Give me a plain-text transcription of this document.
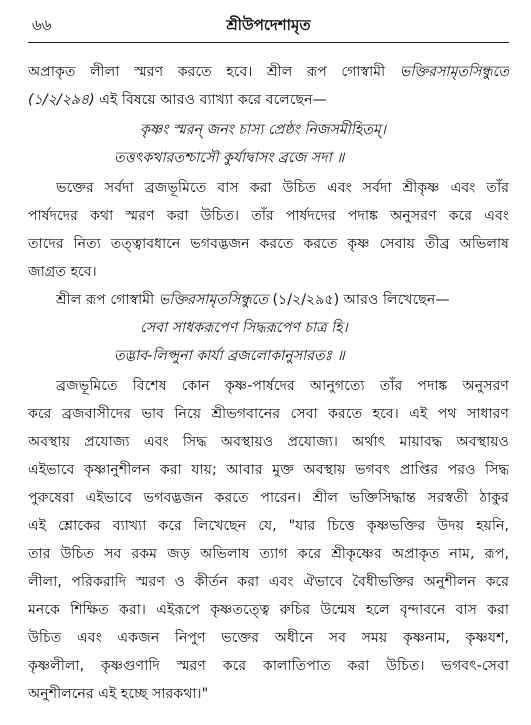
৬৬	শ্রীউপদেশামৃত
অপ্রাকৃত লীলা স্মরণ করতে হবে। শ্রীল রূপ গোস্বামী ভক্তিরসামৃতসিন্ধুতে
(১/২/২৯৪) এই বিষয়ে আরও ব্যাখ্যা করে বলেছেন—
কৃষ্ণং স্মরন্ জনং চাস্য প্রেষ্ঠং নিজসমীহিতম্।
তত্তৎকথারতশ্চাসৌ কুর্যাদ্বাসং ব্রজে সদা ॥
ভক্তের সর্বদা ব্রজভূমিতে বাস করা উচিত এবং সর্বদা শ্রীকৃষ্ণ এবং তাঁর
পার্ষদদের কথা স্মরণ করা উচিত। তাঁর পার্ষদদের পদাঙ্ক অনুসরণ করে এবং
তাদের নিত্য তত্ত্বাবধানে ভগবদ্ভজন করতে করতে কৃষ্ণ সেবায় তীব্র অভিলাষ
জাগ্রত হবে।
শ্রীল রূপ গোস্বামী ভক্তিরসামৃতসিন্ধুতে (১/২/২৯৫) আরও লিখেছেন—
সেবা সাধকরূপেণ সিদ্ধরূপেণ চাত্র হি।
তদ্ভাব-লিপ্সুনা কার্যা ব্রজলোকানুসারতঃ ॥
ব্রজভূমিতে বিশেষ কোন কৃষ্ণ-পার্ষদের আনুগত্যে তাঁর পদাঙ্ক অনুসরণ
করে ব্রজবাসীদের ভাব নিয়ে শ্রীভগবানের সেবা করতে হবে। এই পথ সাধারণ
অবস্থায় প্রযোজ্য এবং সিদ্ধ অবস্থায়ও প্রযোজ্য। অর্থাৎ মায়াবদ্ধ অবস্থায়ও
এইভাবে কৃষ্ণানুশীলন করা যায়; আবার মুক্ত অবস্থায় ভগবৎ প্রাপ্তির পরও সিদ্ধ
পুরুষেরা এইভাবে ভগবদ্ভজন করতে পারেন। শ্রীল ভক্তিসিদ্ধান্ত সরস্বতী ঠাকুর
এই শ্লোকের ব্যাখ্যা করে লিখেছেন যে, "যার চিত্তে কৃষ্ণভক্তির উদয় হয়নি,
তার উচিত সব রকম জড় অভিলাষ ত্যাগ করে শ্রীকৃষ্ণের অপ্রাকৃত নাম, রূপ,
লীলা, পরিকরাদি স্মরণ ও কীর্তন করা এবং ঐভাবে বৈধীভক্তির অনুশীলন করে
মনকে শিক্ষিত করা। এইরূপে কৃষ্ণতত্ত্বে রুচির উন্মেষ হলে বৃন্দাবনে বাস করা
উচিত এবং একজন নিপুণ ভক্তের অধীনে সব সময় কৃষ্ণনাম, কৃষ্ণযশ,
কৃষ্ণলীলা, কৃষ্ণগুণাদি স্মরণ করে কালাতিপাত করা উচিত। ভগবৎ-সেবা
অনুশীলনের এই হচ্ছে সারকথা।"
